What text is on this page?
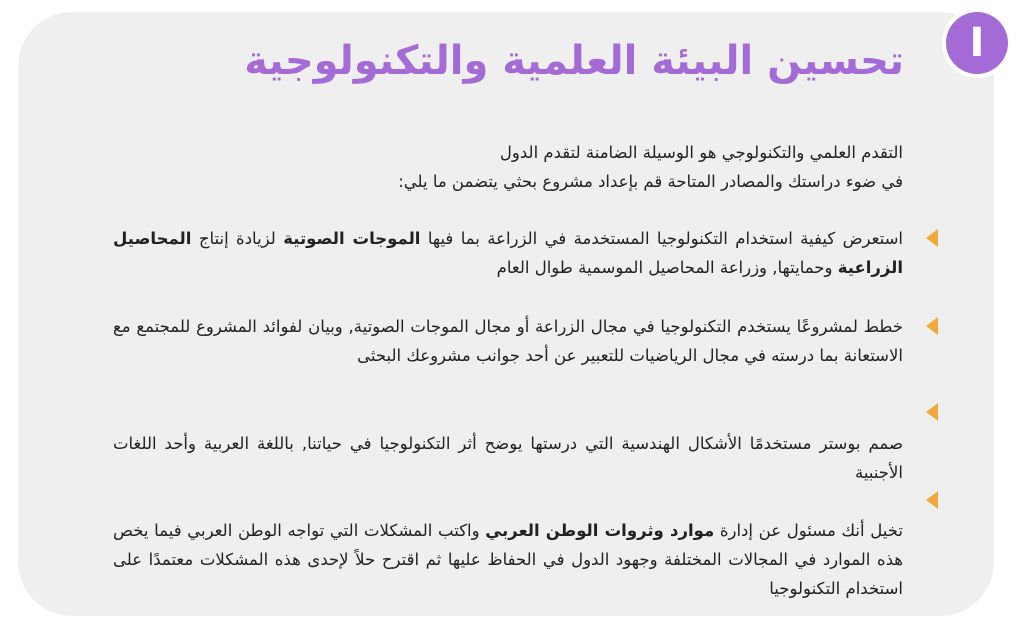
I
تحسين البيئة العلمية والتكنولوجية

التقدم العلمي والتكنولوجي هو الوسيلة الضامنة لتقدم الدول

في ضوء دراستك والمصادر المتاحة قم بإعداد مشروع بحثي يتضمن ما يلي:

استعرض كيفية استخدام التكنولوجيا المستخدمة في الزراعة بما فيها الموجات الصوتية لزيادة إنتاج المحاصيل الزراعية وحمايتها, وزراعة المحاصيل الموسمية طوال العام

خطط لمشروعًا يستخدم التكنولوجيا في مجال الزراعة أو مجال الموجات الصوتية, وبيان لفوائد المشروع للمجتمع مع الاستعانة بما درسته في مجال الرياضيات للتعبير عن أحد جوانب مشروعك البحثى

صمم بوستر مستخدمًا الأشكال الهندسية التي درستها يوضح أثر التكنولوجيا في حياتنا, باللغة العربية وأحد اللغات الأجنبية

تخيل أنك مسئول عن إدارة موارد وثروات الوطن العربي واكتب المشكلات التي تواجه الوطن العربي فيما يخص هذه الموارد في المجالات المختلفة وجهود الدول في الحفاظ عليها ثم اقترح حلاً لإحدى هذه المشكلات معتمدًا على استخدام التكنولوجيا
